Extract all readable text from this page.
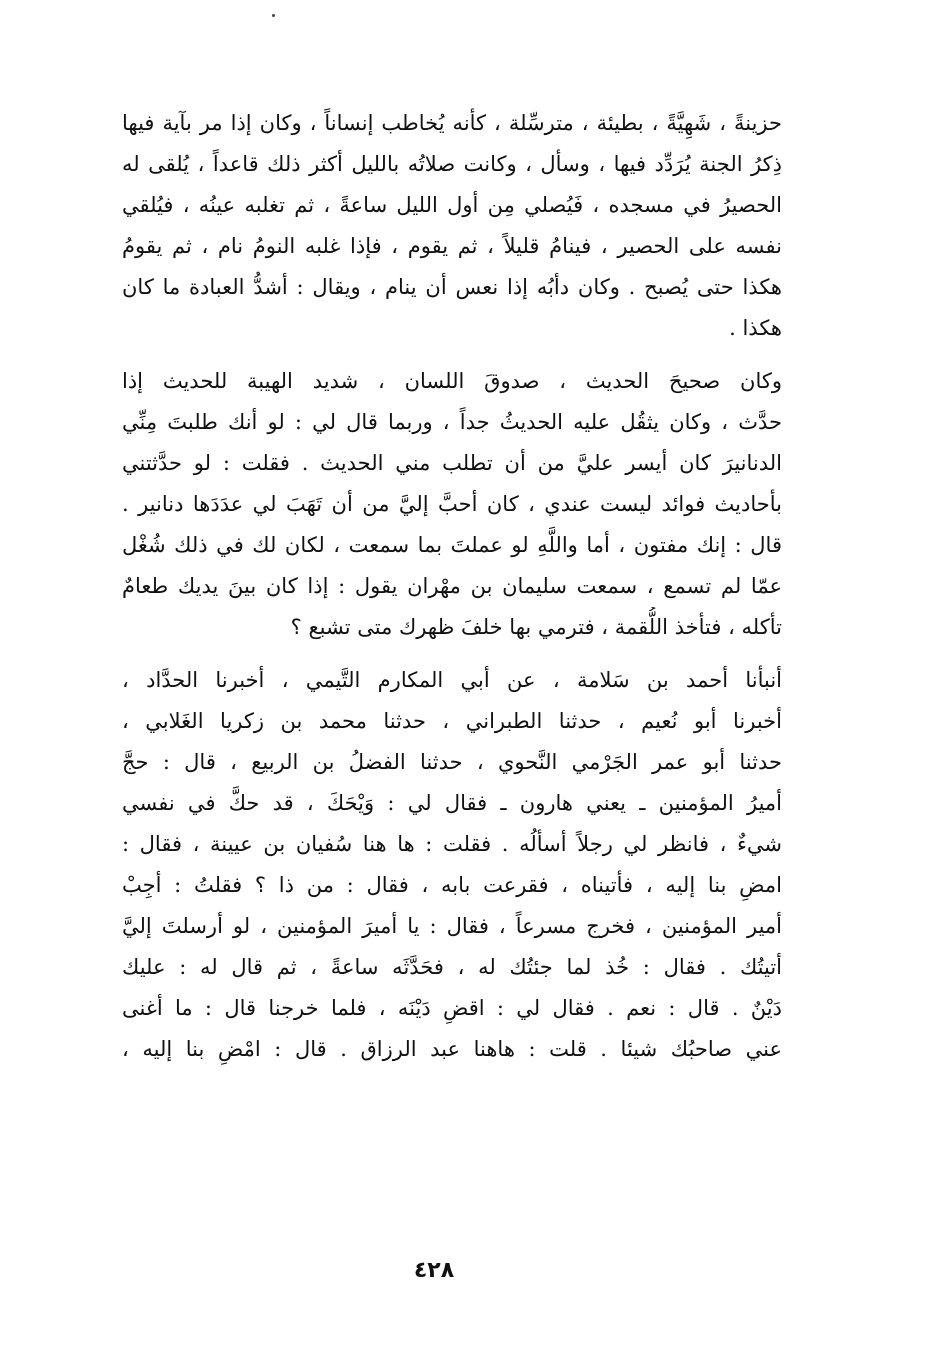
حزينةً ، شَهِيَّةً ، بطيئة ، مترسِّلة ، كأنه يُخاطب إنساناً ، وكان إذا مر بآية فيها
ذِكرُ الجنة يُرَدِّد فيها ، وسأل ، وكانت صلاتُه بالليل أكثر ذلك قاعداً ، يُلقى له
الحصيرُ في مسجده ، فَيُصلي مِن أول الليل ساعةً ، ثم تغلبه عينُه ، فيُلقي
نفسه على الحصير ، فينامُ قليلاً ، ثم يقوم ، فإذا غلبه النومُ نام ، ثم يقومُ
هكذا حتى يُصبح . وكان دأبُه إذا نعس أن ينام ، ويقال : أشدُّ العبادة ما كان
هكذا .
وكان صحيحَ الحديث ، صدوقَ اللسان ، شديد الهيبة للحديث إذا
حدَّث ، وكان يثقُل عليه الحديثُ جداً ، وربما قال لي : لو أنك طلبتَ مِنِّي
الدنانيرَ كان أيسر عليَّ من أن تطلب مني الحديث . فقلت : لو حدَّثتني
بأحاديث فوائد ليست عندي ، كان أحبَّ إليَّ من أن تَهَبَ لي عدَدَها دنانير .
قال : إنك مفتون ، أما واللَّهِ لو عملتَ بما سمعت ، لكان لك في ذلك شُغْل
عمّا لم تسمع ، سمعت سليمان بن مهْران يقول : إذا كان بينَ يديك طعامٌ
تأكله ، فتأخذ اللُّقمة ، فترمي بها خلفَ ظهرك متى تشبع ؟
أنبأنا أحمد بن سَلامة ، عن أبي المكارم التَّيمي ، أخبرنا الحدَّاد ،
أخبرنا أبو نُعيم ، حدثنا الطبراني ، حدثنا محمد بن زكريا الغَلابي ،
حدثنا أبو عمر الجَرْمي النَّحوي ، حدثنا الفضلُ بن الربيع ، قال : حجَّ
أميرُ المؤمنين ـ يعني هارون ـ فقال لي : وَيْحَكَ ، قد حكَّ في نفسي
شيءٌ ، فانظر لي رجلاً أسألُه . فقلت : ها هنا سُفيان بن عيينة ، فقال :
امضِ بنا إليه ، فأتيناه ، فقرعت بابه ، فقال : من ذا ؟ فقلتُ : أجِبْ
أمير المؤمنين ، فخرج مسرعاً ، فقال : يا أميرَ المؤمنين ، لو أرسلتَ إليَّ
أتيتُك . فقال : خُذ لما جئتُك له ، فحَدَّثَه ساعةً ، ثم قال له : عليك
دَيْنٌ . قال : نعم . فقال لي : اقضِ دَيْنَه ، فلما خرجنا قال : ما أغنى
عني صاحبُك شيئا . قلت : هاهنا عبد الرزاق . قال : امْضِ بنا إليه ،
٤٢٨
